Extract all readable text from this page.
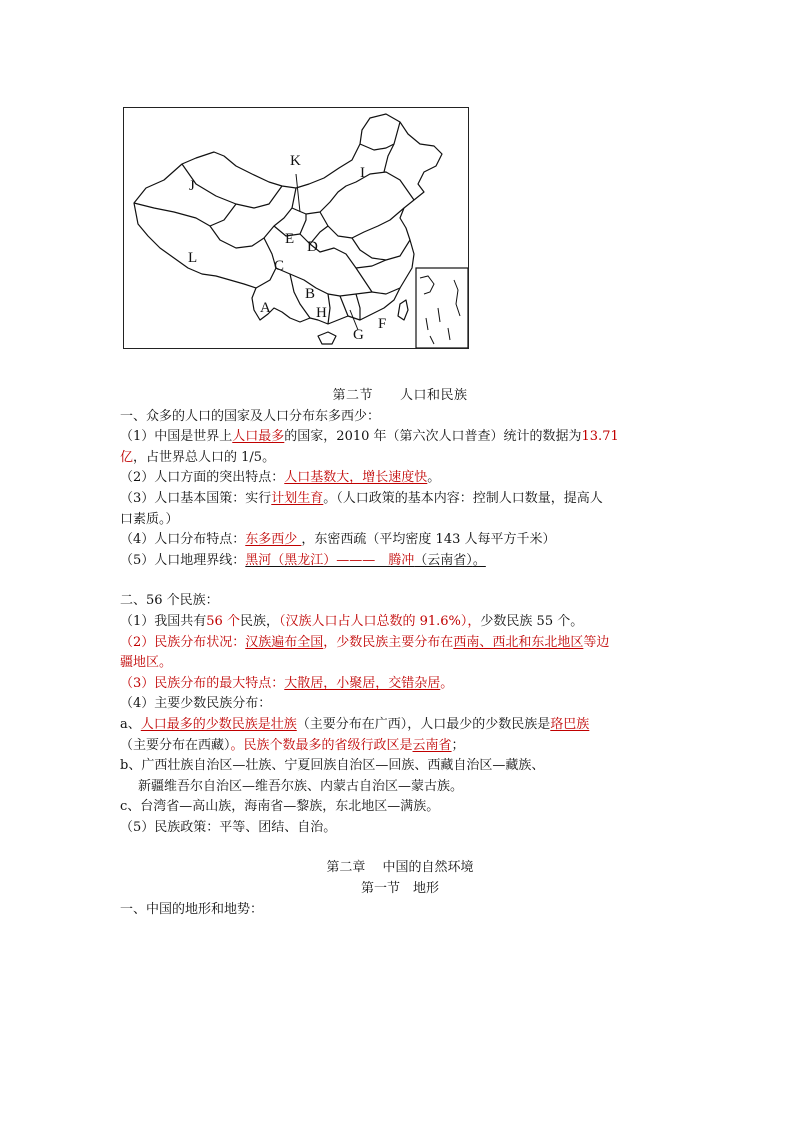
K
J
I
E D
L	C
B
A	H
F
G
第二节　　人口和民族
一、众多的人口的国家及人口分布东多西少：
（1）中国是世界上人口最多的国家，2010 年（第六次人口普查）统计的数据为13.71
亿，占世界总人口的 1/5。
（2）人口方面的突出特点：人口基数大，增长速度快。
（3）人口基本国策：实行计划生育。（人口政策的基本内容：控制人口数量，提高人
口素质。）
（4）人口分布特点：东多西少 ，东密西疏（平均密度 143 人每平方千米）
（5）人口地理界线：黑河（黑龙江）———　腾冲（云南省）。
二、56 个民族：
（1）我国共有56 个民族，（汉族人口占人口总数的 91.6%），少数民族 55 个。
（2）民族分布状况：汉族遍布全国，少数民族主要分布在西南、西北和东北地区等边
疆地区。
（3）民族分布的最大特点：大散居，小聚居，交错杂居。
（4）主要少数民族分布：
a、人口最多的少数民族是壮族（主要分布在广西），人口最少的少数民族是珞巴族
（主要分布在西藏）。民族个数最多的省级行政区是云南省；
b、广西壮族自治区—壮族、宁夏回族自治区—回族、西藏自治区—藏族、
新疆维吾尔自治区—维吾尔族、内蒙古自治区—蒙古族。
c、台湾省—高山族，海南省—黎族，东北地区—满族。
（5）民族政策：平等、团结、自治。
第二章　 中国的自然环境
第一节　地形
一、中国的地形和地势：
